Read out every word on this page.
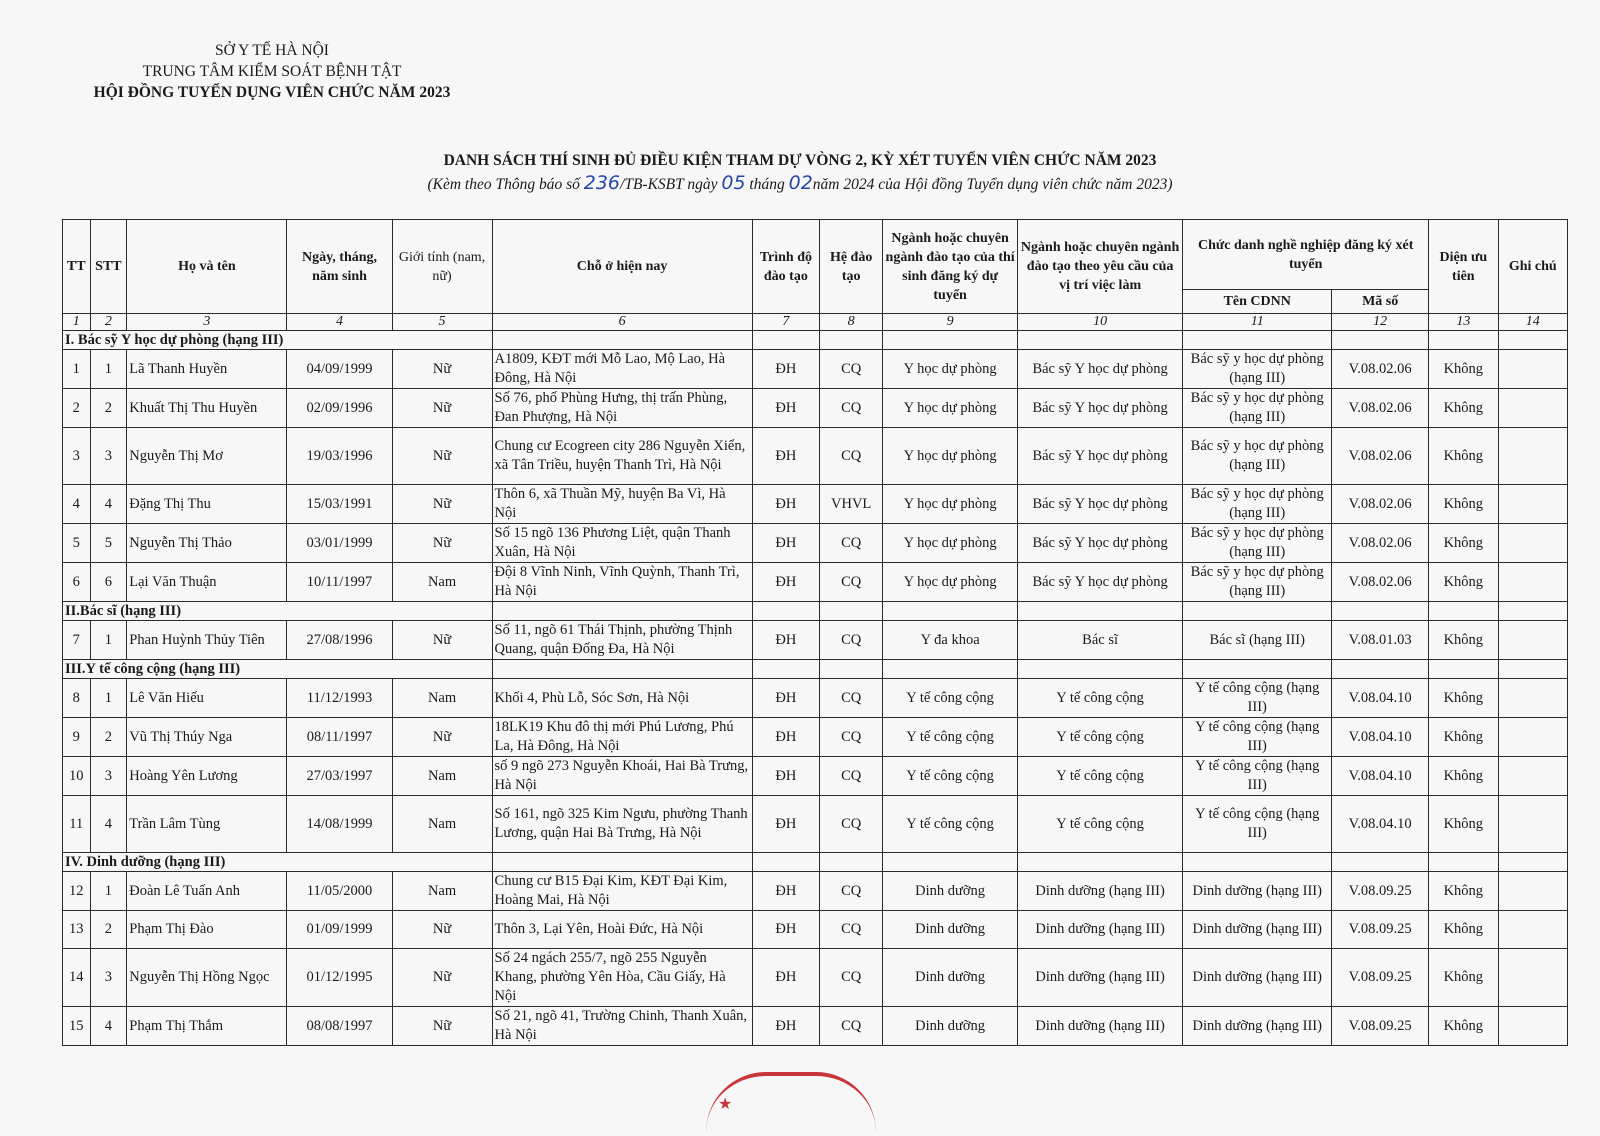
SỞ Y TẾ HÀ NỘI
TRUNG TÂM KIỂM SOÁT BỆNH TẬT
HỘI ĐỒNG TUYỂN DỤNG VIÊN CHỨC NĂM 2023
DANH SÁCH THÍ SINH ĐỦ ĐIỀU KIỆN THAM DỰ VÒNG 2, KỲ XÉT TUYỂN VIÊN CHỨC NĂM 2023
(Kèm theo Thông báo số 236/TB-KSBT ngày 05 tháng 02năm 2024 của Hội đồng Tuyển dụng viên chức năm 2023)
TT	STT	Họ và tên	Ngày, tháng, năm sinh	Giới tính (nam, nữ)	Chỗ ở hiện nay	Trình độ đào tạo	Hệ đào tạo	Ngành hoặc chuyên ngành đào tạo của thí sinh đăng ký dự tuyển	Ngành hoặc chuyên ngành đào tạo theo yêu cầu của vị trí việc làm	Chức danh nghề nghiệp đăng ký xét tuyển		Diện ưu tiên	Ghi chú
										Tên CDNN	Mã số		
1	2	3	4	5	6	7	8	9	10	11	12	13	14
I. Bác sỹ Y học dự phòng (hạng III)													
1	1	Lã Thanh Huyền	04/09/1999	Nữ	A1809, KĐT mới Mỗ Lao, Mộ Lao, Hà Đông, Hà Nội	ĐH	CQ	Y học dự phòng	Bác sỹ Y học dự phòng	Bác sỹ y học dự phòng (hạng III)	V.08.02.06	Không	
2	2	Khuất Thị Thu Huyền	02/09/1996	Nữ	Số 76, phố Phùng Hưng, thị trấn Phùng, Đan Phượng, Hà Nội	ĐH	CQ	Y học dự phòng	Bác sỹ Y học dự phòng	Bác sỹ y học dự phòng (hạng III)	V.08.02.06	Không	
3	3	Nguyễn Thị Mơ	19/03/1996	Nữ	Chung cư Ecogreen city 286 Nguyễn Xiển, xã Tân Triều, huyện Thanh Trì, Hà Nội	ĐH	CQ	Y học dự phòng	Bác sỹ Y học dự phòng	Bác sỹ y học dự phòng (hạng III)	V.08.02.06	Không	
4	4	Đặng Thị Thu	15/03/1991	Nữ	Thôn 6, xã Thuần Mỹ, huyện Ba Vì, Hà Nội	ĐH	VHVL	Y học dự phòng	Bác sỹ Y học dự phòng	Bác sỹ y học dự phòng (hạng III)	V.08.02.06	Không	
5	5	Nguyễn Thị Thảo	03/01/1999	Nữ	Số 15 ngõ 136 Phương Liệt, quận Thanh Xuân, Hà Nội	ĐH	CQ	Y học dự phòng	Bác sỹ Y học dự phòng	Bác sỹ y học dự phòng (hạng III)	V.08.02.06	Không	
6	6	Lại Văn Thuận	10/11/1997	Nam	Đội 8 Vĩnh Ninh, Vĩnh Quỳnh, Thanh Trì, Hà Nội	ĐH	CQ	Y học dự phòng	Bác sỹ Y học dự phòng	Bác sỹ y học dự phòng (hạng III)	V.08.02.06	Không	
II.Bác sĩ (hạng III)													
7	1	Phan Huỳnh Thủy Tiên	27/08/1996	Nữ	Số 11, ngõ 61 Thái Thịnh, phường Thịnh Quang, quận Đống Đa, Hà Nội	ĐH	CQ	Y đa khoa	Bác sĩ	Bác sĩ (hạng III)	V.08.01.03	Không	
III.Y tế công cộng (hạng III)													
8	1	Lê Văn Hiếu	11/12/1993	Nam	Khối 4, Phù Lỗ, Sóc Sơn, Hà Nội	ĐH	CQ	Y tế công cộng	Y tế công cộng	Y tế công cộng (hạng III)	V.08.04.10	Không	
9	2	Vũ Thị Thúy Nga	08/11/1997	Nữ	18LK19 Khu đô thị mới Phú Lương, Phú La, Hà Đông, Hà Nội	ĐH	CQ	Y tế công cộng	Y tế công cộng	Y tế công cộng (hạng III)	V.08.04.10	Không	
10	3	Hoàng Yên Lương	27/03/1997	Nam	số 9 ngõ 273 Nguyễn Khoái, Hai Bà Trưng, Hà Nội	ĐH	CQ	Y tế công cộng	Y tế công cộng	Y tế công cộng (hạng III)	V.08.04.10	Không	
11	4	Trần Lâm Tùng	14/08/1999	Nam	Số 161, ngõ 325 Kim Ngưu, phường Thanh Lương, quận Hai Bà Trưng, Hà Nội	ĐH	CQ	Y tế công cộng	Y tế công cộng	Y tế công cộng (hạng III)	V.08.04.10	Không	
IV. Dinh dưỡng (hạng III)													
12	1	Đoàn Lê Tuấn Anh	11/05/2000	Nam	Chung cư B15 Đại Kim, KĐT Đại Kim, Hoàng Mai, Hà Nội	ĐH	CQ	Dinh dưỡng	Dinh dưỡng (hạng III)	Dinh dưỡng (hạng III)	V.08.09.25	Không	
13	2	Phạm Thị Đào	01/09/1999	Nữ	Thôn 3, Lại Yên, Hoài Đức, Hà Nội	ĐH	CQ	Dinh dưỡng	Dinh dưỡng (hạng III)	Dinh dưỡng (hạng III)	V.08.09.25	Không	
14	3	Nguyễn Thị Hồng Ngọc	01/12/1995	Nữ	Số 24 ngách 255/7, ngõ 255 Nguyễn Khang, phường Yên Hòa, Cầu Giấy, Hà Nội	ĐH	CQ	Dinh dưỡng	Dinh dưỡng (hạng III)	Dinh dưỡng (hạng III)	V.08.09.25	Không	
15	4	Phạm Thị Thắm	08/08/1997	Nữ	Số 21, ngõ 41, Trường Chinh, Thanh Xuân, Hà Nội	ĐH	CQ	Dinh dưỡng	Dinh dưỡng (hạng III)	Dinh dưỡng (hạng III)	V.08.09.25	Không	
★
